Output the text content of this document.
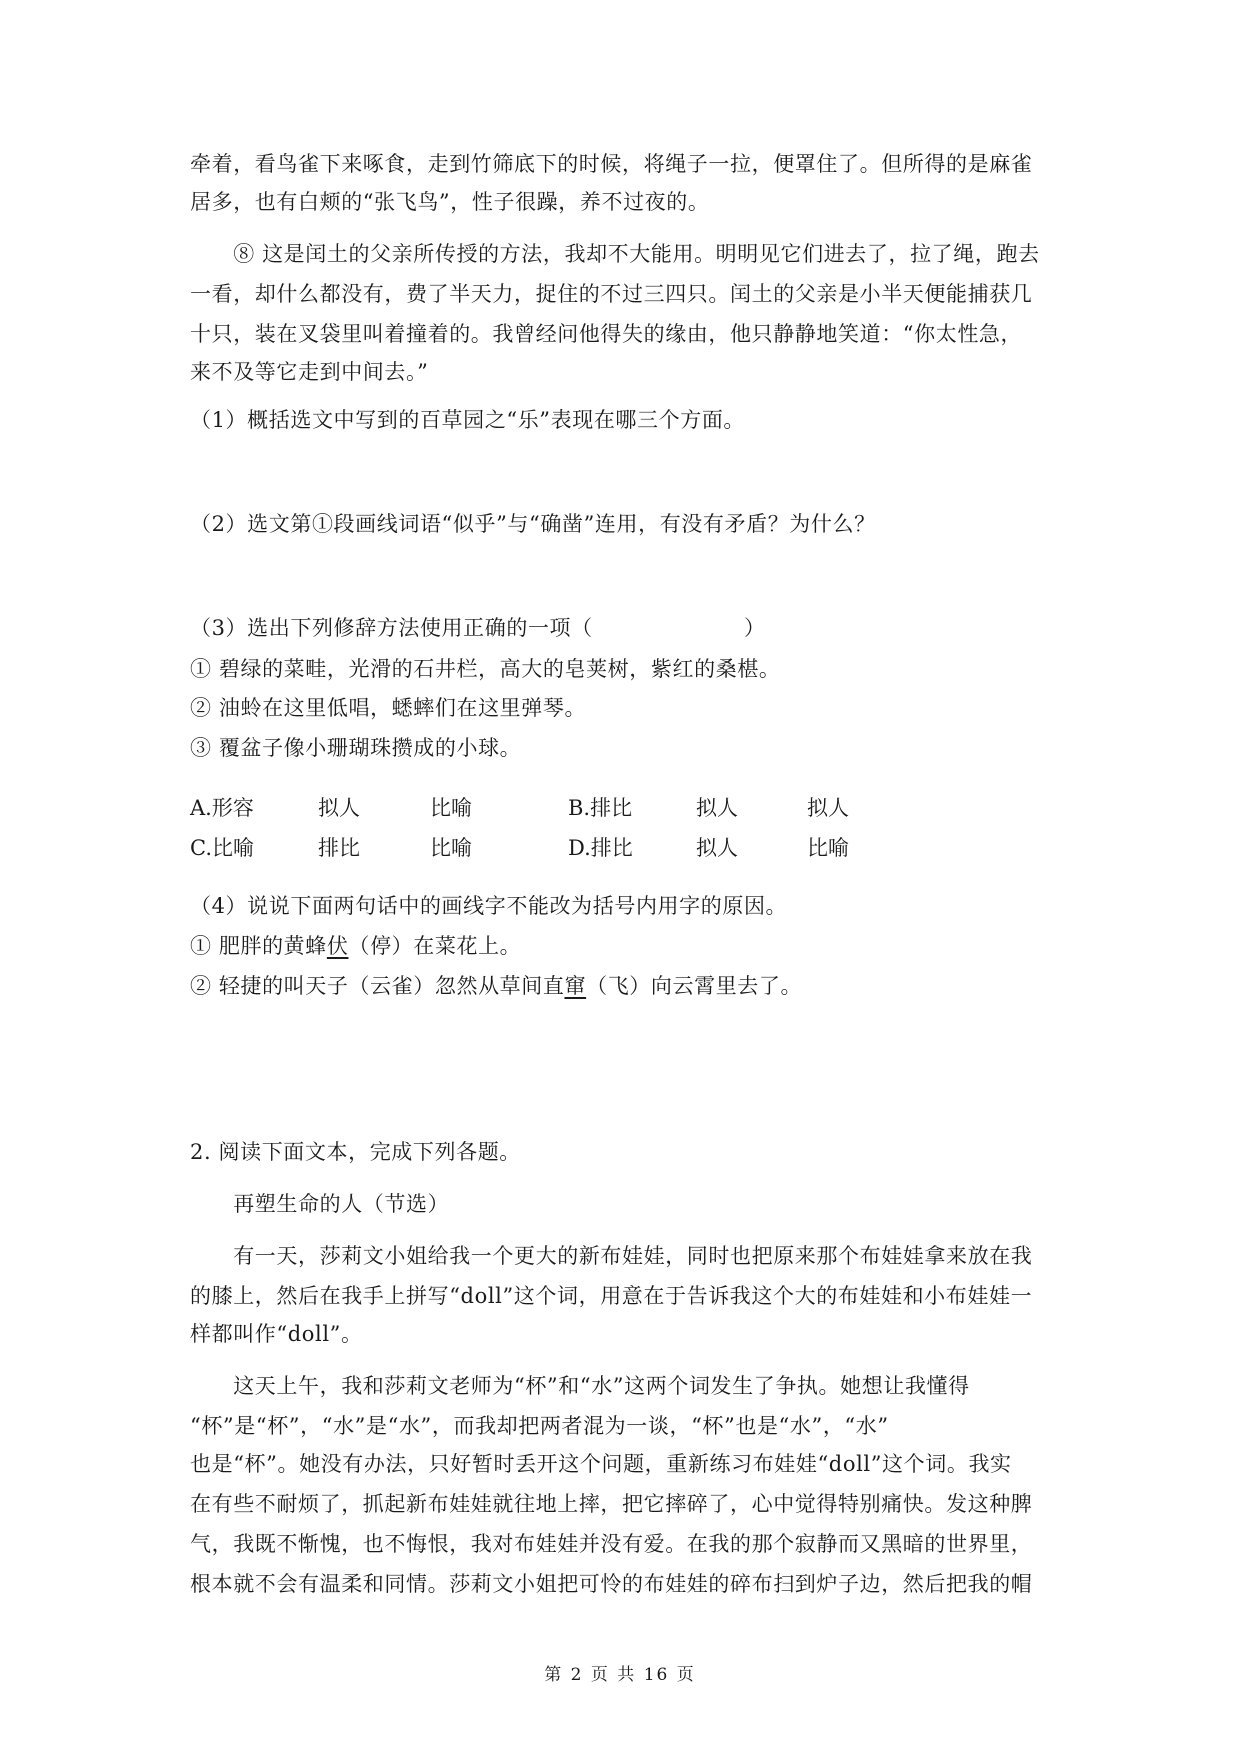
牵着，看鸟雀下来啄食，走到竹筛底下的时候，将绳子一拉，便罩住了。但所得的是麻雀
居多，也有白颊的“张飞鸟”，性子很躁，养不过夜的。
　　⑧ 这是闰土的父亲所传授的方法，我却不大能用。明明见它们进去了，拉了绳，跑去
一看，却什么都没有，费了半天力，捉住的不过三四只。闰土的父亲是小半天便能捕获几
十只，装在叉袋里叫着撞着的。我曾经问他得失的缘由，他只静静地笑道：“你太性急，
来不及等它走到中间去。”
（1）概括选文中写到的百草园之“乐”表现在哪三个方面。
（2）选文第①段画线词语“似乎”与“确凿”连用，有没有矛盾？为什么？
（3）选出下列修辞方法使用正确的一项（　　　　　　　）
① 碧绿的菜畦，光滑的石井栏，高大的皂荚树，紫红的桑椹。
② 油蛉在这里低唱，蟋蟀们在这里弹琴。
③ 覆盆子像小珊瑚珠攒成的小球。
A.形容	拟人	比喻	B.排比	拟人	拟人
C.比喻	排比	比喻	D.排比	拟人	比喻
（4）说说下面两句话中的画线字不能改为括号内用字的原因。
① 肥胖的黄蜂伏（停）在菜花上。
② 轻捷的叫天子（云雀）忽然从草间直窜（飞）向云霄里去了。
2. 阅读下面文本，完成下列各题。
　　再塑生命的人（节选）
　　有一天，莎莉文小姐给我一个更大的新布娃娃，同时也把原来那个布娃娃拿来放在我
的膝上，然后在我手上拼写“doll”这个词，用意在于告诉我这个大的布娃娃和小布娃娃一
样都叫作“doll”。
　　这天上午，我和莎莉文老师为“杯”和“水”这两个词发生了争执。她想让我懂得
“杯”是“杯”，“水”是“水”，而我却把两者混为一谈，“杯”也是“水”，“水”
也是“杯”。她没有办法，只好暂时丢开这个问题，重新练习布娃娃“doll”这个词。我实
在有些不耐烦了，抓起新布娃娃就往地上摔，把它摔碎了，心中觉得特别痛快。发这种脾
气，我既不惭愧，也不悔恨，我对布娃娃并没有爱。在我的那个寂静而又黑暗的世界里，
根本就不会有温柔和同情。莎莉文小姐把可怜的布娃娃的碎布扫到炉子边，然后把我的帽
第 2 页 共 16 页
